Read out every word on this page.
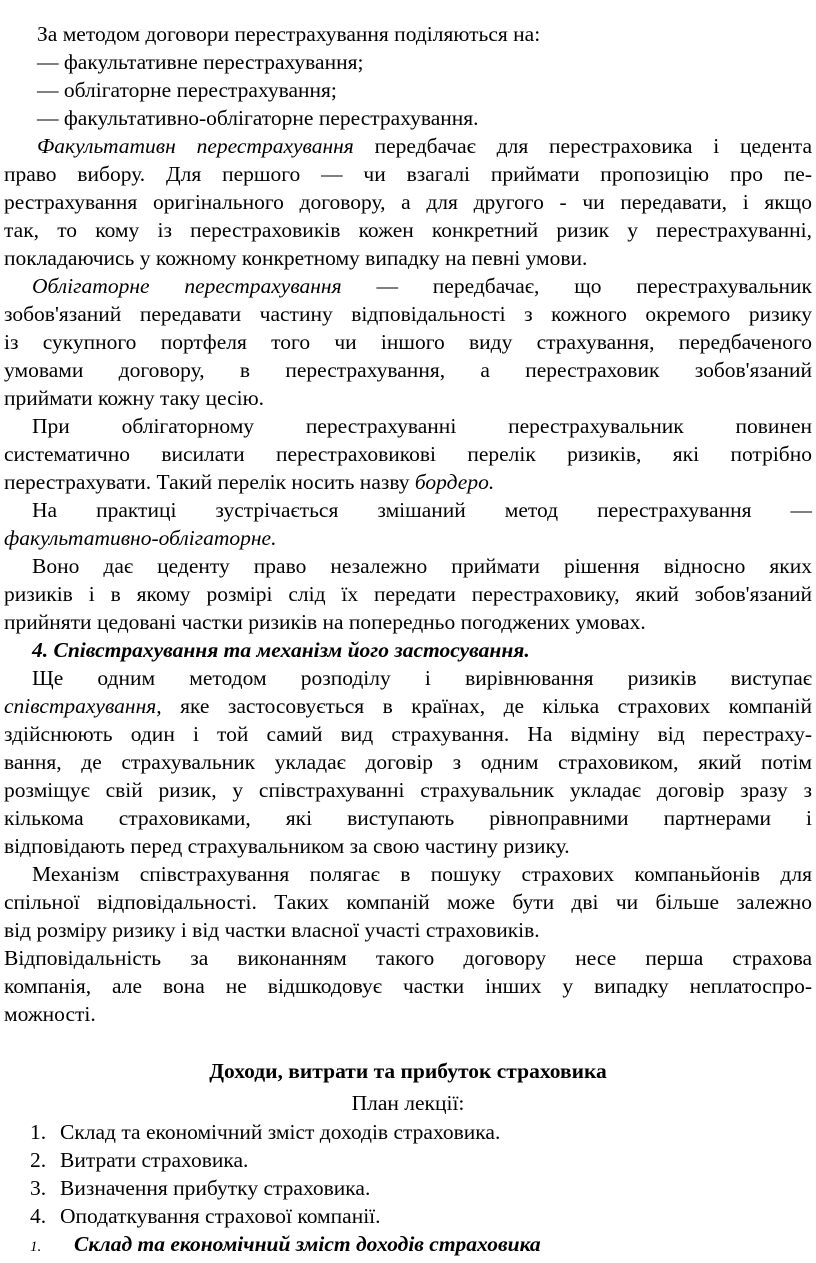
За методом договори перестрахування поділяються на:
— факультативне перестрахування;
— облігаторне перестрахування;
— факультативно-облігаторне перестрахування.
Факультативн перестрахування передбачає для перестраховика і цедента
право вибору. Для першого — чи взагалі приймати пропозицію про пе-
рестрахування оригінального договору, а для другого - чи передавати, і якщо
так, то кому із перестраховиків кожен конкретний ризик у перестрахуванні,
покладаючись у кожному конкретному випадку на певні умови.
Облігаторне перестрахування — передбачає, що перестрахувальник
зобов'язаний передавати частину відповідальності з кожного окремого ризику
із сукупного портфеля того чи іншого виду страхування, передбаченого
умовами договору, в перестрахування, а перестраховик зобов'язаний
приймати кожну таку цесію.
При облігаторному перестрахуванні перестрахувальник повинен
систематично висилати перестраховикові перелік ризиків, які потрібно
перестрахувати. Такий перелік носить назву бордеро.
На практиці зустрічається змішаний метод перестрахування —
факультативно-облігаторне.
Воно дає цеденту право незалежно приймати рішення відносно яких
ризиків і в якому розмірі слід їх передати перестраховику, який зобов'язаний
прийняти цедовані частки ризиків на попередньо погоджених умовах.
4. Співстрахування та механізм його застосування.
Ще одним методом розподілу і вирівнювання ризиків виступає
співстрахування, яке застосовується в країнах, де кілька страхових компаній
здійснюють один і той самий вид страхування. На відміну від перестраху-
вання, де страхувальник укладає договір з одним страховиком, який потім
розміщує свій ризик, у співстрахуванні страхувальник укладає договір зразу з
кількома страховиками, які виступають рівноправними партнерами і
відповідають перед страхувальником за свою частину ризику.
Механізм співстрахування полягає в пошуку страхових компаньйонів для
спільної відповідальності. Таких компаній може бути дві чи більше залежно
від розміру ризику і від частки власної участі страховиків.
Відповідальність за виконанням такого договору несе перша страхова
компанія, але вона не відшкодовує частки інших у випадку неплатоспро-
можності.
Доходи, витрати та прибуток страховика
План лекції:
1. Склад та економічний зміст доходів страховика.
2. Витрати страховика.
3. Визначення прибутку страховика.
4. Оподаткування страхової компанії.
1. Склад та економічний зміст доходів страховика
